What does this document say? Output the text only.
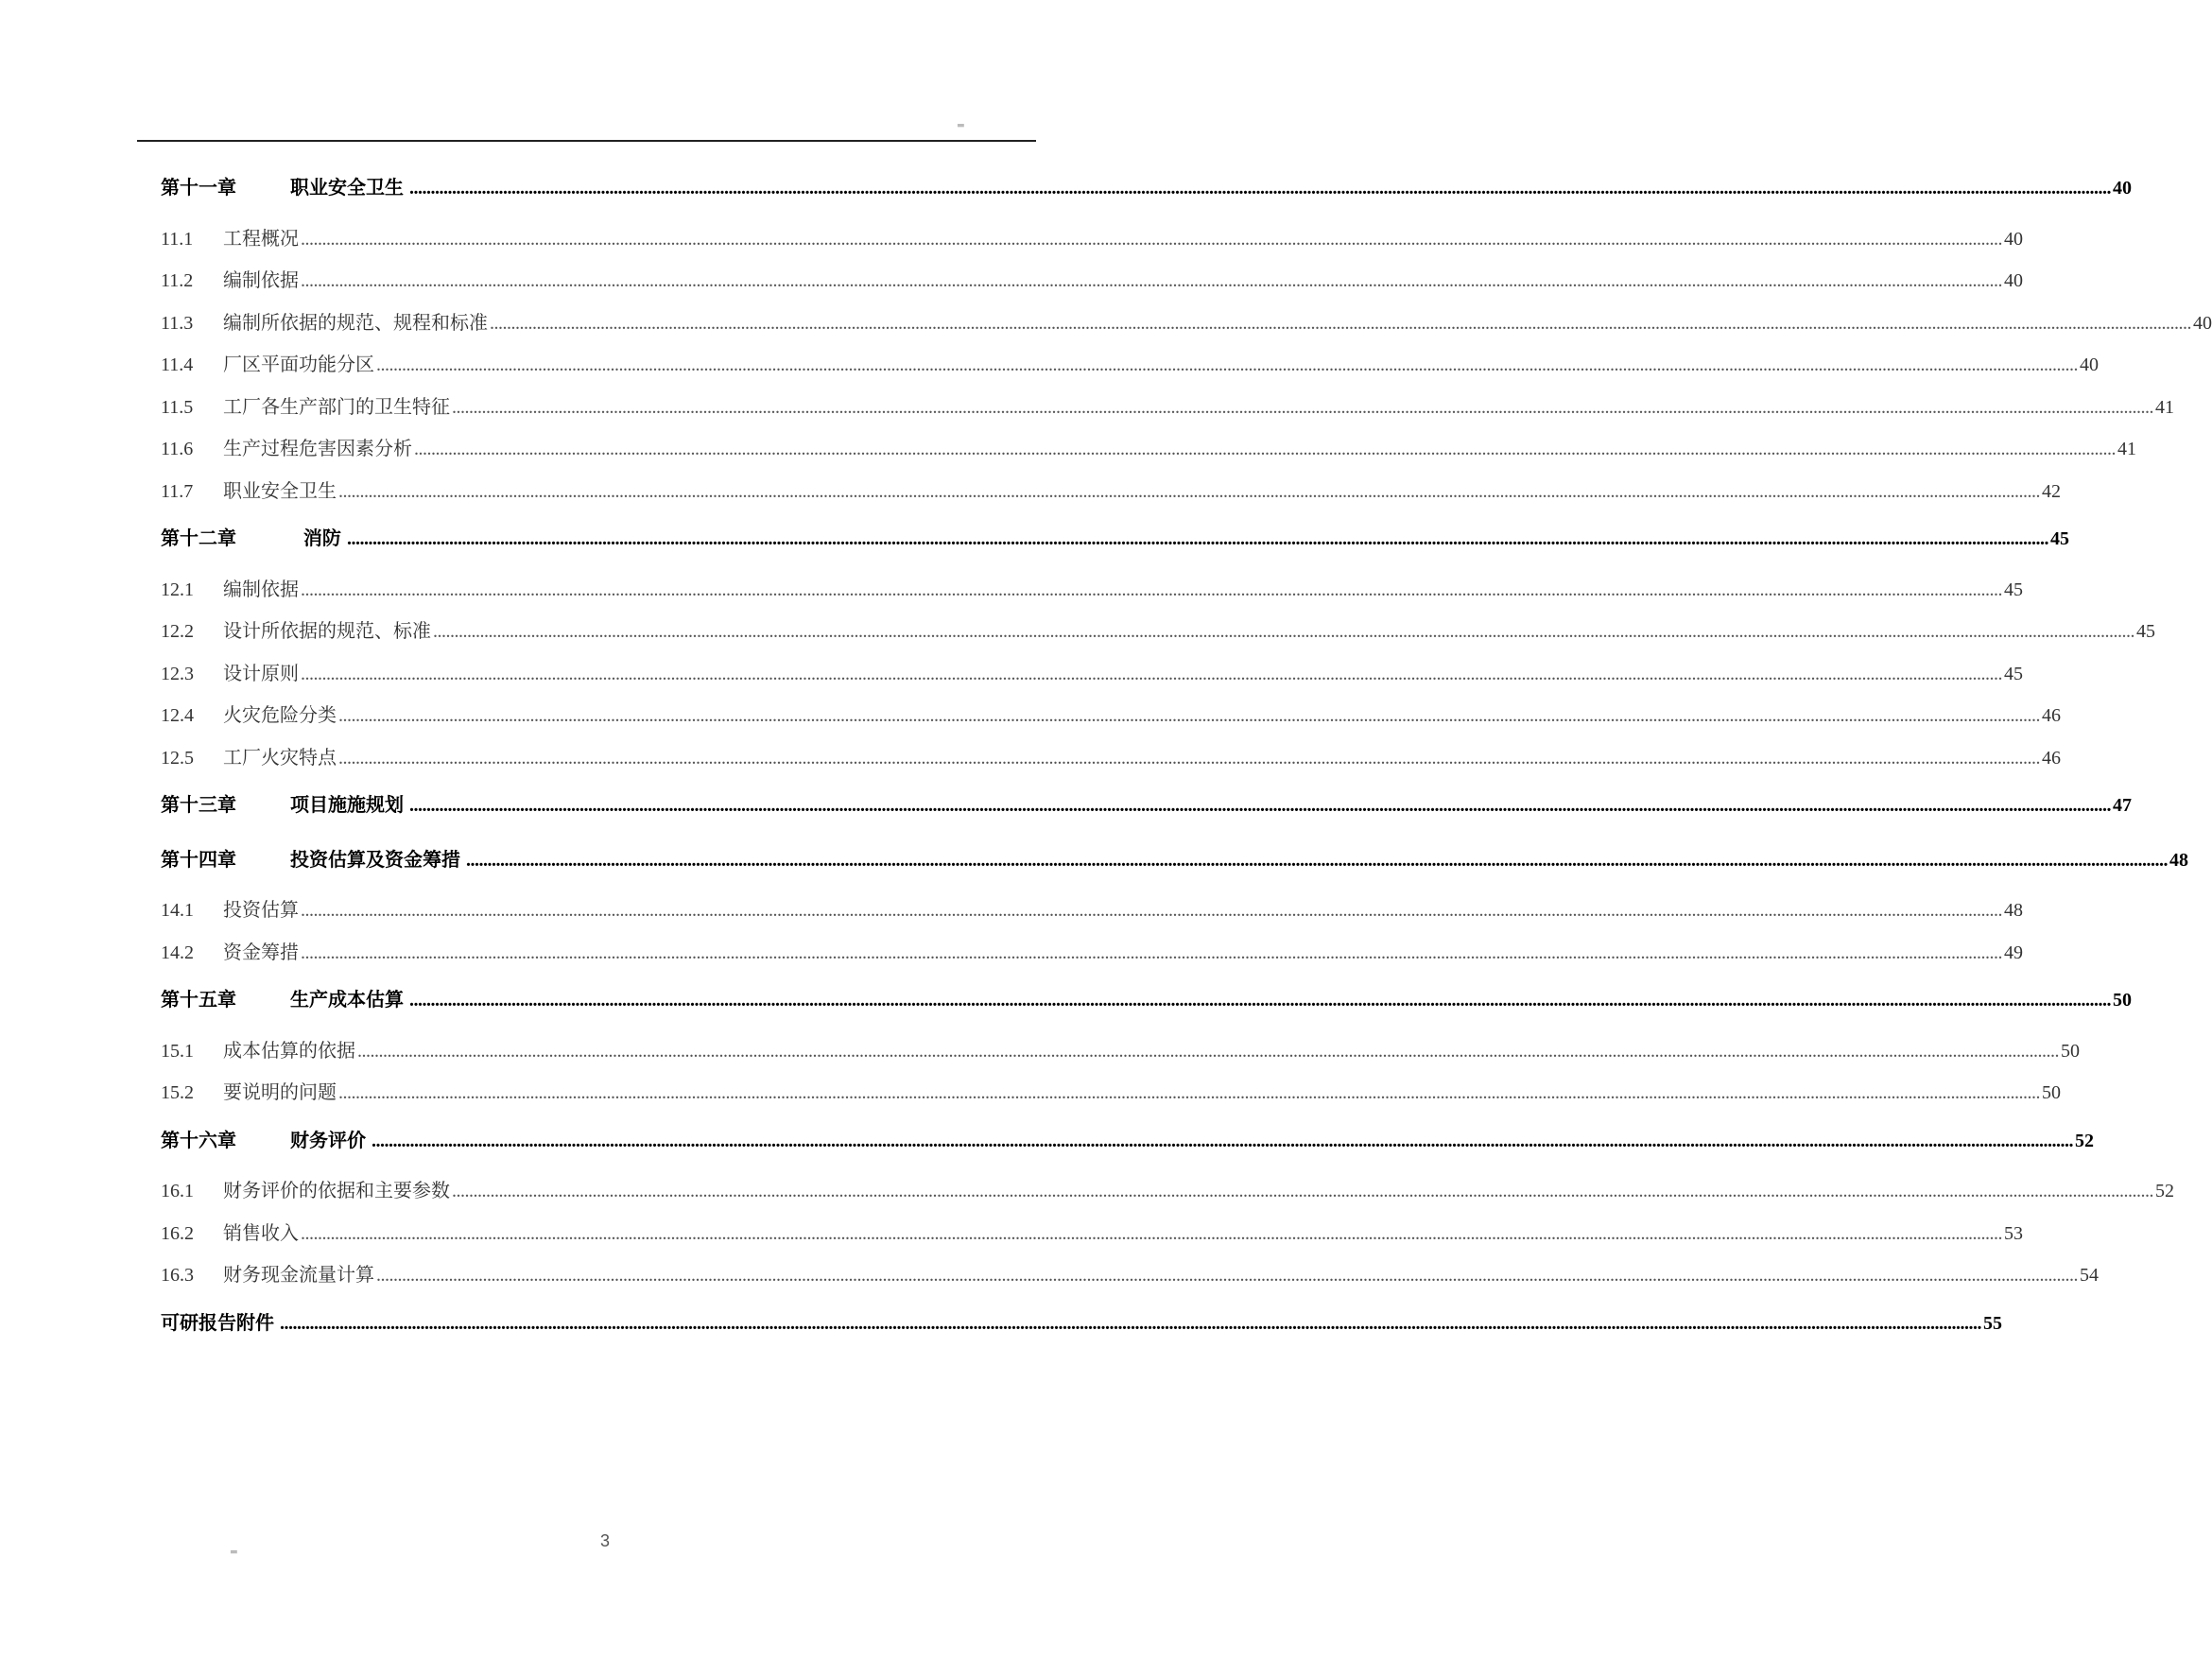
▬
第十一章	职业安全卫生 ................................................................................................................................................................................................................................................................................................................................................................................................................ 40
11.1	工程概况 ................................................................................................................................................................................................................................................................................................................................................................................................................ 40
11.2	编制依据 ................................................................................................................................................................................................................................................................................................................................................................................................................ 40
11.3	编制所依据的规范、规程和标准 ................................................................................................................................................................................................................................................................................................................................................................................................................ 40
11.4	厂区平面功能分区 ................................................................................................................................................................................................................................................................................................................................................................................................................ 40
11.5	工厂各生产部门的卫生特征 ................................................................................................................................................................................................................................................................................................................................................................................................................ 41
11.6	生产过程危害因素分析 ................................................................................................................................................................................................................................................................................................................................................................................................................ 41
11.7	职业安全卫生 ................................................................................................................................................................................................................................................................................................................................................................................................................ 42
第十二章	消防 ................................................................................................................................................................................................................................................................................................................................................................................................................ 45
12.1	编制依据 ................................................................................................................................................................................................................................................................................................................................................................................................................ 45
12.2	设计所依据的规范、标准 ................................................................................................................................................................................................................................................................................................................................................................................................................ 45
12.3	设计原则 ................................................................................................................................................................................................................................................................................................................................................................................................................ 45
12.4	火灾危险分类 ................................................................................................................................................................................................................................................................................................................................................................................................................ 46
12.5	工厂火灾特点 ................................................................................................................................................................................................................................................................................................................................................................................................................ 46
第十三章	项目施施规划 ................................................................................................................................................................................................................................................................................................................................................................................................................ 47
第十四章	投资估算及资金筹措 ................................................................................................................................................................................................................................................................................................................................................................................................................ 48
14.1	投资估算 ................................................................................................................................................................................................................................................................................................................................................................................................................ 48
14.2	资金筹措 ................................................................................................................................................................................................................................................................................................................................................................................................................ 49
第十五章	生产成本估算 ................................................................................................................................................................................................................................................................................................................................................................................................................ 50
15.1	成本估算的依据 ................................................................................................................................................................................................................................................................................................................................................................................................................ 50
15.2	要说明的问题 ................................................................................................................................................................................................................................................................................................................................................................................................................ 50
第十六章	财务评价 ................................................................................................................................................................................................................................................................................................................................................................................................................ 52
16.1	财务评价的依据和主要参数 ................................................................................................................................................................................................................................................................................................................................................................................................................ 52
16.2	销售收入 ................................................................................................................................................................................................................................................................................................................................................................................................................ 53
16.3	财务现金流量计算 ................................................................................................................................................................................................................................................................................................................................................................................................................ 54
可研报告附件 ................................................................................................................................................................................................................................................................................................................................................................................................................ 55
▬
3
